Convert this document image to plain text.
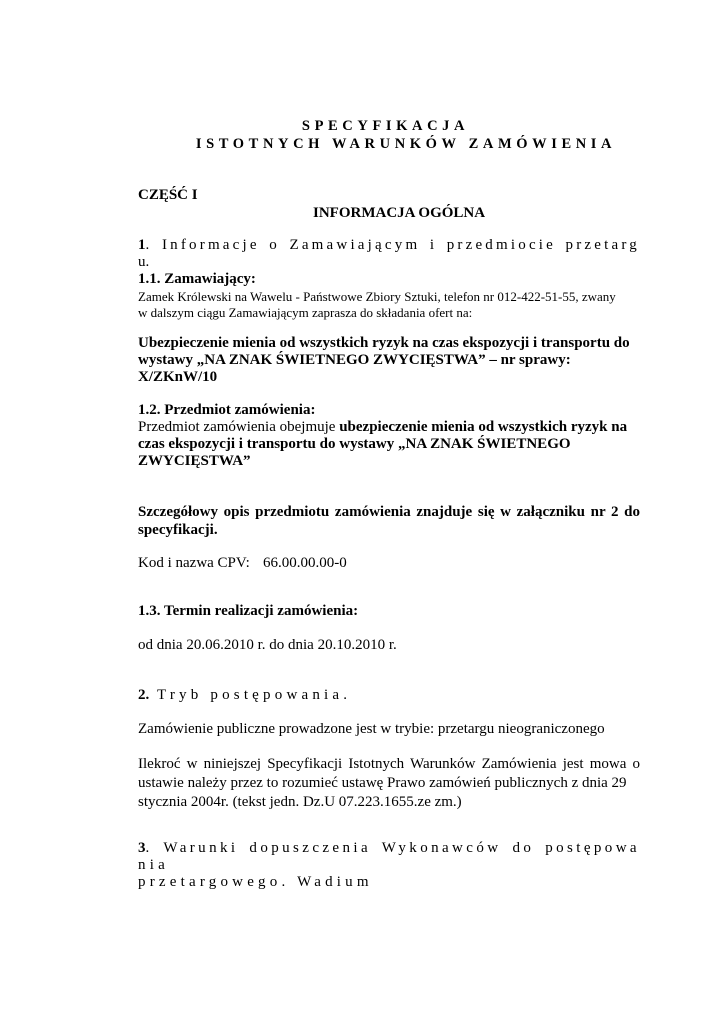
SPECYFIKACJA
ISTOTNYCH WARUNKÓW ZAMÓWIENIA
CZĘŚĆ I
INFORMACJA OGÓLNA
1 . Informacje o Zamawiającym i przedmiocie przetarg
u.
1.1. Zamawiający:
Zamek Królewski na Wawelu - Państwowe Zbiory Sztuki, telefon nr 012-422-51-55, zwany
w dalszym ciągu Zamawiającym zaprasza do składania ofert na:
Ubezpieczenie mienia od wszystkich ryzyk na czas ekspozycji i transportu do
wystawy „NA ZNAK ŚWIETNEGO ZWYCIĘSTWA” – nr sprawy:
X/ZKnW/10
1.2. Przedmiot zamówienia:
Przedmiot zamówienia obejmuje ubezpieczenie mienia od wszystkich ryzyk na
czas ekspozycji i transportu do wystawy „NA ZNAK ŚWIETNEGO
ZWYCIĘSTWA”
Szczegółowy opis przedmiotu zamówienia znajduje się w załączniku nr 2 do
specyfikacji.
Kod i nazwa CPV: 66.00.00.00-0
1.3. Termin realizacji zamówienia:
od dnia 20.06.2010 r. do dnia 20.10.2010 r.
2. Tryb postępowania.
Zamówienie publiczne prowadzone jest w trybie: przetargu nieograniczonego
Ilekroć w niniejszej Specyfikacji Istotnych Warunków Zamówienia jest mowa o
ustawie należy przez to rozumieć ustawę Prawo zamówień publicznych z dnia 29
stycznia 2004r. (tekst jedn. Dz.U 07.223.1655.ze zm.)
3 . Warunki dopuszczenia Wykonawców do postępowa
nia
przetargowego. Wadium
